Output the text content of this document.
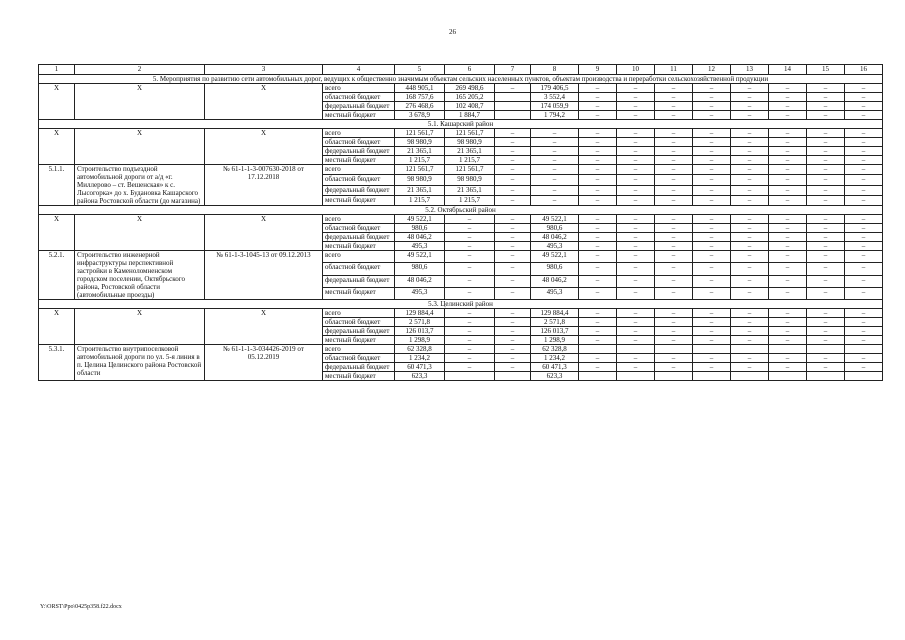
26
1	2	3	4	5	6	7	8	9	10	11	12	13	14	15	16
5. Мероприятия по развитию сети автомобильных дорог, ведущих к общественно значимым объектам сельских населенных пунктов, объектам производства и переработки сельскохозяйственной продукции															
Х	Х	Х	всего	448 905,1	269 498,6	–	179 406,5	–	–	–	–	–	–	–	–
			областной бюджет	168 757,6	165 205,2		3 552,4	–	–	–	–	–	–	–	–
			федеральный бюджет	276 468,6	102 408,7		174 059,9	–	–	–	–	–	–	–	–
			местный бюджет	3 678,9	1 884,7		1 794,2	–	–	–	–	–	–	–	–
5.1. Кашарский район															
Х	Х	Х	всего	121 561,7	121 561,7	–	–	–	–	–	–	–	–	–	–
			областной бюджет	98 980,9	98 980,9	–	–	–	–	–	–	–	–	–	–
			федеральный бюджет	21 365,1	21 365,1	–	–	–	–	–	–	–	–	–	–
			местный бюджет	1 215,7	1 215,7	–	–	–	–	–	–	–	–	–	–
5.1.1.	Строительство подъездной автомобильной дороги от а/д «г. Миллерово – ст. Вешенская» к с. Лысогорка» до х. Будановка Кашарского района Ростовской области (до магазина)	№ 61-1-1-3-007630-2018 от 17.12.2018	всего	121 561,7	121 561,7	–	–	–	–	–	–	–	–	–	–
			областной бюджет	98 980,9	98 980,9	–	–	–	–	–	–	–	–	–	–
			федеральный бюджет	21 365,1	21 365,1	–	–	–	–	–	–	–	–	–	–
			местный бюджет	1 215,7	1 215,7	–	–	–	–	–	–	–	–	–	–
5.2. Октябрьский район															
Х	Х	Х	всего	49 522,1	–	–	49 522,1	–	–	–	–	–	–	–	–
			областной бюджет	980,6	–	–	980,6	–	–	–	–	–	–	–	–
			федеральный бюджет	48 046,2	–	–	48 046,2	–	–	–	–	–	–	–	–
			местный бюджет	495,3	–	–	495,3	–	–	–	–	–	–	–	–
5.2.1.	Строительство инженерной инфраструктуры перспективной застройки в Каменоломненском городском поселении, Октябрьского района, Ростовской области (автомобильные проезды)	№ 61-1-3-1045-13 от 09.12.2013	всего	49 522,1	–	–	49 522,1	–	–	–	–	–	–	–	–
			областной бюджет	980,6	–	–	980,6	–	–	–	–	–	–	–	–
			федеральный бюджет	48 046,2	–	–	48 046,2	–	–	–	–	–	–	–	–
			местный бюджет	495,3	–	–	495,3	–	–	–	–	–	–	–	–
5.3. Целинский район															
Х	Х	Х	всего	129 884,4	–	–	129 884,4	–	–	–	–	–	–	–	–
			областной бюджет	2 571,8	–	–	2 571,8	–	–	–	–	–	–	–	–
			федеральный бюджет	126 013,7	–	–	126 013,7	–	–	–	–	–	–	–	–
			местный бюджет	1 298,9	–	–	1 298,9	–	–	–	–	–	–	–	–
5.3.1.	Строительство внутрипоселковой автомобильной дороги по ул. 5-я линия в п. Целина Целинского района Ростовской области	№ 61-1-1-3-034426-2019 от 05.12.2019	всего	62 328,8	–	–	62 328,8								
			областной бюджет	1 234,2	–	–	1 234,2	–	–	–	–	–	–	–	–
			федеральный бюджет	60 471,3	–	–	60 471,3	–	–	–	–	–	–	–	–
			местный бюджет	623,3			623,3								
Y:\ORST\Ppo\0425p358.f22.docx
